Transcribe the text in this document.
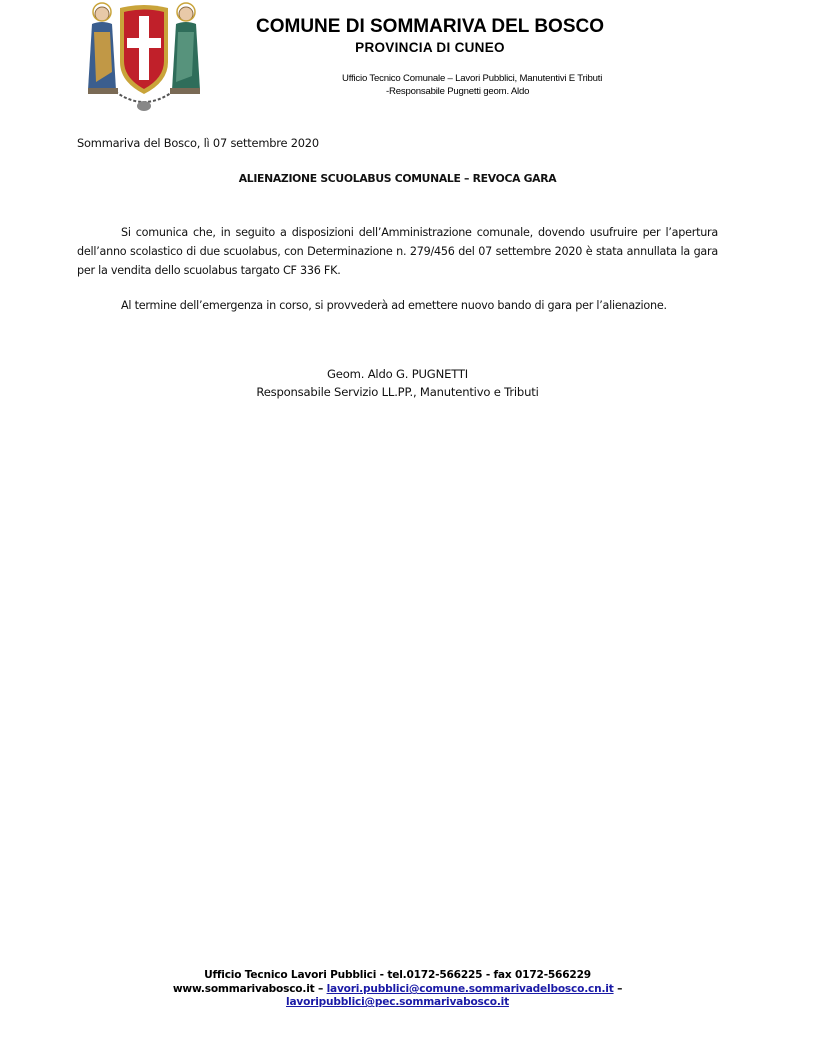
COMUNE DI SOMMARIVA DEL BOSCO
PROVINCIA DI CUNEO
Ufficio Tecnico Comunale – Lavori Pubblici, Manutentivi E Tributi
-Responsabile Pugnetti geom. Aldo
Sommariva del Bosco, lì 07 settembre 2020
ALIENAZIONE SCUOLABUS COMUNALE – REVOCA GARA

Si comunica che, in seguito a disposizioni dell’Amministrazione comunale, dovendo usufruire per l’apertura dell’anno scolastico di due scuolabus, con Determinazione n. 279/456 del 07 settembre 2020 è stata annullata la gara per la vendita dello scuolabus targato CF 336 FK.

Al termine dell’emergenza in corso, si provvederà ad emettere nuovo bando di gara per l’alienazione.

Geom. Aldo G. PUGNETTI
Responsabile Servizio LL.PP., Manutentivo e Tributi
Ufficio Tecnico Lavori Pubblici - tel.0172-566225 - fax 0172-566229
www.sommarivabosco.it – lavori.pubblici@comune.sommarivadelbosco.cn.it –
lavoripubblici@pec.sommarivabosco.it
